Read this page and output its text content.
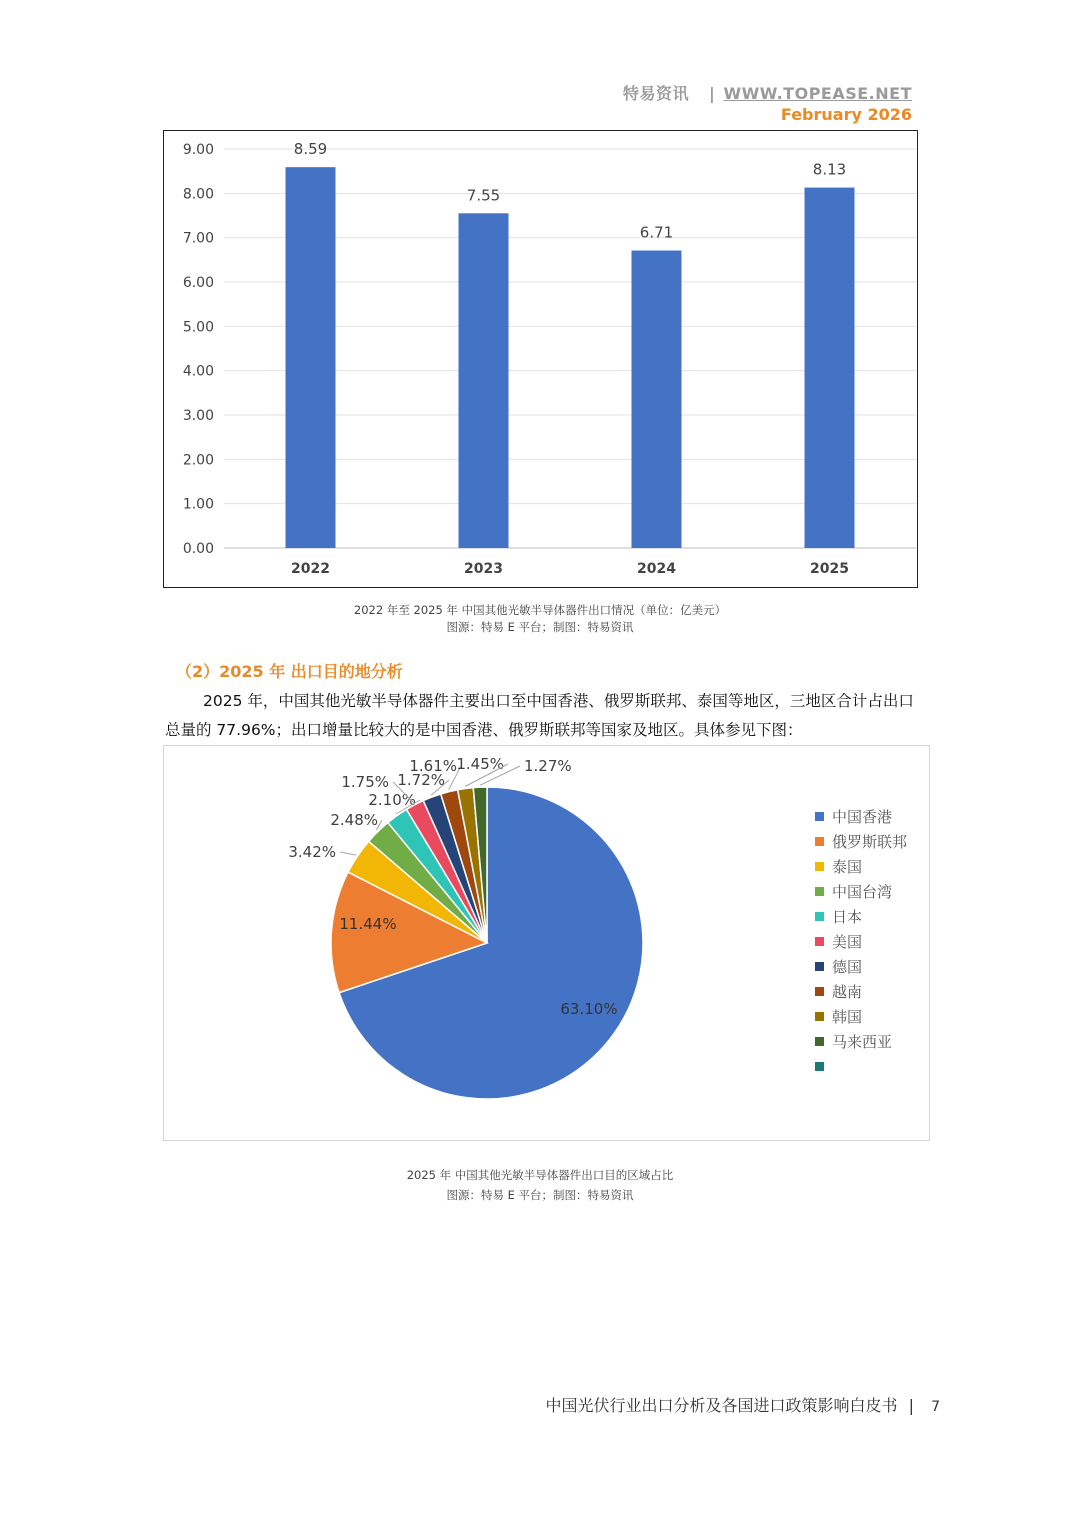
特易资讯 | WWW.TOPEASE.NET
February 2026
0.00
1.00
2.00
3.00
4.00
5.00
6.00
7.00
8.00
9.00	8.59
2022
7.55
2023
6.71
2024
8.13
2025
2022 年至 2025 年 中国其他光敏半导体器件出口情况（单位：亿美元）
图源：特易 E 平台；制图：特易资讯
（2）2025 年 出口目的地分析
2025 年，中国其他光敏半导体器件主要出口至中国香港、俄罗斯联邦、泰国等地区，三地区合计占出口总量的 77.96%；出口增量比较大的是中国香港、俄罗斯联邦等国家及地区。具体参见下图：
63.10%
11.44%
3.42%
2.48%
2.10%
1.75% 1.72%
1.61% 1.45% 1.27%
中国香港
俄罗斯联邦
泰国
中国台湾
日本
美国
德国
越南
韩国
马来西亚
2025 年 中国其他光敏半导体器件出口目的区域占比
图源：特易 E 平台；制图：特易资讯
中国光伏行业出口分析及各国进口政策影响白皮书 | 7
